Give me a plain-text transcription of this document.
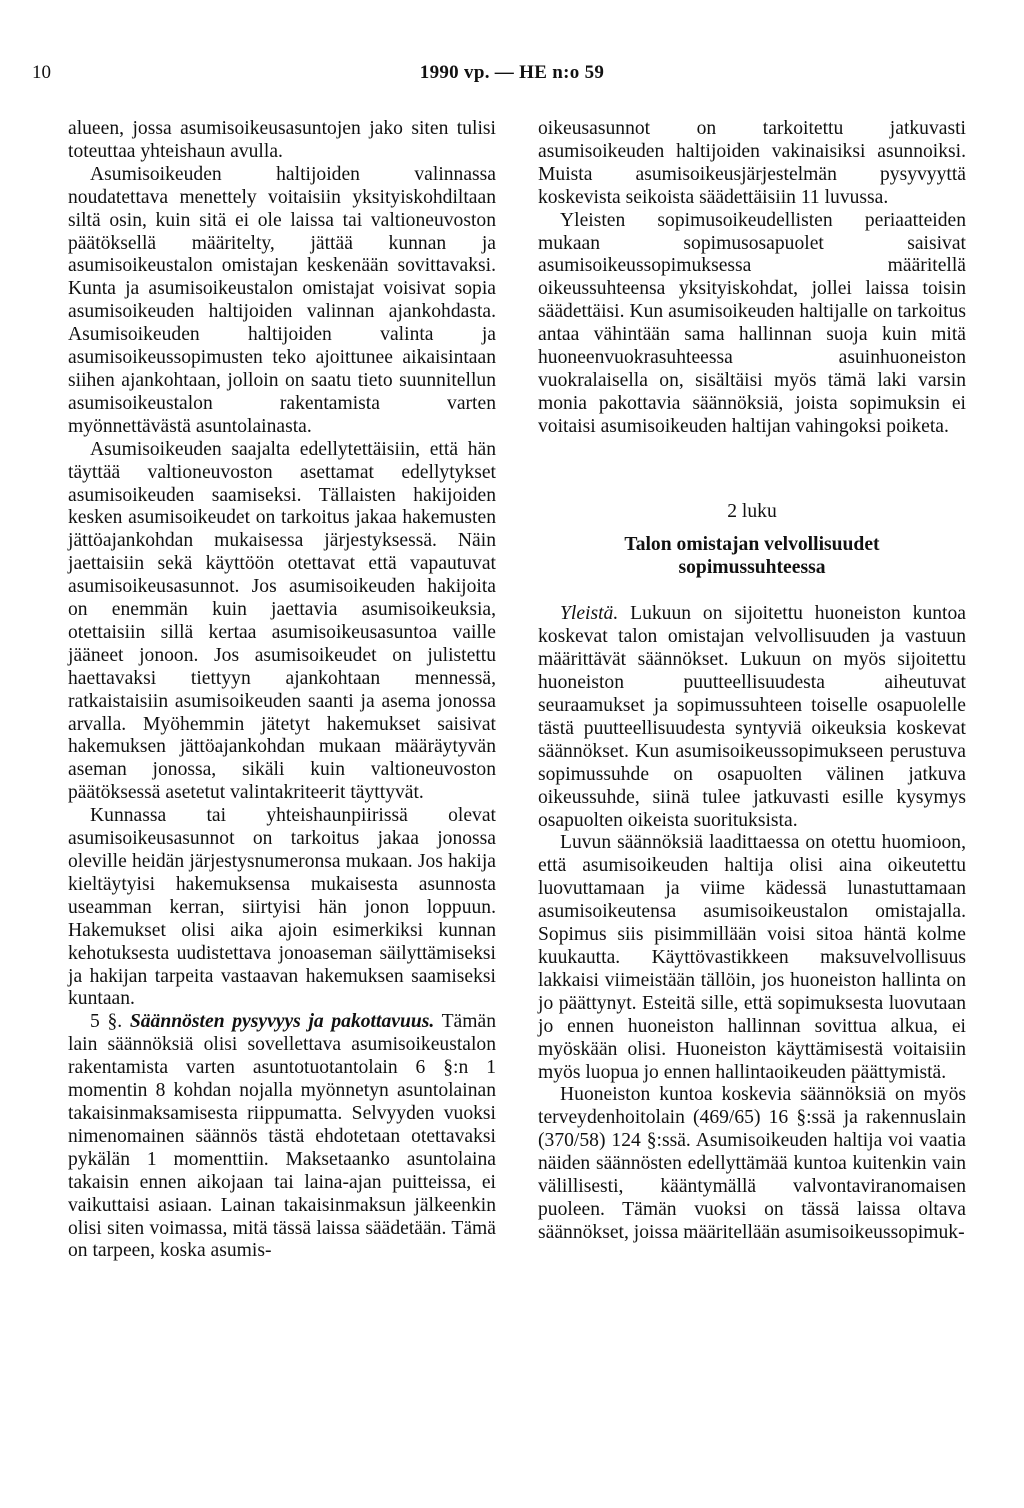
10	1990 vp. — HE n:o 59

alueen, jossa asumisoikeusasuntojen jako siten tulisi toteuttaa yhteishaun avulla.

Asumisoikeuden haltijoiden valinnassa noudatettava menettely voitaisiin yksityiskohdiltaan siltä osin, kuin sitä ei ole laissa tai valtioneuvoston päätöksellä määritelty, jättää kunnan ja asumisoikeustalon omistajan keskenään sovittavaksi. Kunta ja asumisoikeustalon omistajat voisivat sopia asumisoikeuden haltijoiden valinnan ajankohdasta. Asumisoikeuden haltijoiden valinta ja asumisoikeussopimusten teko ajoittunee aikaisintaan siihen ajankohtaan, jolloin on saatu tieto suunnitellun asumisoikeustalon rakentamista varten myönnettävästä asuntolainasta.

Asumisoikeuden saajalta edellytettäisiin, että hän täyttää valtioneuvoston asettamat edellytykset asumisoikeuden saamiseksi. Tällaisten hakijoiden kesken asumisoikeudet on tarkoitus jakaa hakemusten jättöajankohdan mukaisessa järjestyksessä. Näin jaettaisiin sekä käyttöön otettavat että vapautuvat asumisoikeusasunnot. Jos asumisoikeuden hakijoita on enemmän kuin jaettavia asumisoikeuksia, otettaisiin sillä kertaa asumisoikeusasuntoa vaille jääneet jonoon. Jos asumisoikeudet on julistettu haettavaksi tiettyyn ajankohtaan mennessä, ratkaistaisiin asumisoikeuden saanti ja asema jonossa arvalla. Myöhemmin jätetyt hakemukset saisivat hakemuksen jättöajankohdan mukaan määräytyvän aseman jonossa, sikäli kuin valtioneuvoston päätöksessä asetetut valintakriteerit täyttyvät.

Kunnassa tai yhteishaunpiirissä olevat asumisoikeusasunnot on tarkoitus jakaa jonossa oleville heidän järjestysnumeronsa mukaan. Jos hakija kieltäytyisi hakemuksensa mukaisesta asunnosta useamman kerran, siirtyisi hän jonon loppuun. Hakemukset olisi aika ajoin esimerkiksi kunnan kehotuksesta uudistettava jonoaseman säilyttämiseksi ja hakijan tarpeita vastaavan hakemuksen saamiseksi kuntaan.

5 §. Säännösten pysyvyys ja pakottavuus. Tämän lain säännöksiä olisi sovellettava asumisoikeustalon rakentamista varten asuntotuotantolain 6 §:n 1 momentin 8 kohdan nojalla myönnetyn asuntolainan takaisinmaksamisesta riippumatta. Selvyyden vuoksi nimenomainen säännös tästä ehdotetaan otettavaksi pykälän 1 momenttiin. Maksetaanko asuntolaina takaisin ennen aikojaan tai laina-ajan puitteissa, ei vaikuttaisi asiaan. Lainan takaisinmaksun jälkeenkin olisi siten voimassa, mitä tässä laissa säädetään. Tämä on tarpeen, koska asumis-

oikeusasunnot on tarkoitettu jatkuvasti asumisoikeuden haltijoiden vakinaisiksi asunnoiksi. Muista asumisoikeusjärjestelmän pysyvyyttä koskevista seikoista säädettäisiin 11 luvussa.

Yleisten sopimusoikeudellisten periaatteiden mukaan sopimusosapuolet saisivat asumisoikeussopimuksessa määritellä oikeussuhteensa yksityiskohdat, jollei laissa toisin säädettäisi. Kun asumisoikeuden haltijalle on tarkoitus antaa vähintään sama hallinnan suoja kuin mitä huoneenvuokrasuhteessa asuinhuoneiston vuokralaisella on, sisältäisi myös tämä laki varsin monia pakottavia säännöksiä, joista sopimuksin ei voitaisi asumisoikeuden haltijan vahingoksi poiketa.

2 luku
Talon omistajan velvollisuudet sopimussuhteessa

Yleistä. Lukuun on sijoitettu huoneiston kuntoa koskevat talon omistajan velvollisuuden ja vastuun määrittävät säännökset. Lukuun on myös sijoitettu huoneiston puutteellisuudesta aiheutuvat seuraamukset ja sopimussuhteen toiselle osapuolelle tästä puutteellisuudesta syntyviä oikeuksia koskevat säännökset. Kun asumisoikeussopimukseen perustuva sopimussuhde on osapuolten välinen jatkuva oikeussuhde, siinä tulee jatkuvasti esille kysymys osapuolten oikeista suorituksista.

Luvun säännöksiä laadittaessa on otettu huomioon, että asumisoikeuden haltija olisi aina oikeutettu luovuttamaan ja viime kädessä lunastuttamaan asumisoikeutensa asumisoikeustalon omistajalla. Sopimus siis pisimmillään voisi sitoa häntä kolme kuukautta. Käyttövastikkeen maksuvelvollisuus lakkaisi viimeistään tällöin, jos huoneiston hallinta on jo päättynyt. Esteitä sille, että sopimuksesta luovutaan jo ennen huoneiston hallinnan sovittua alkua, ei myöskään olisi. Huoneiston käyttämisestä voitaisiin myös luopua jo ennen hallintaoikeuden päättymistä.

Huoneiston kuntoa koskevia säännöksiä on myös terveydenhoitolain (469/65) 16 §:ssä ja rakennuslain (370/58) 124 §:ssä. Asumisoikeuden haltija voi vaatia näiden säännösten edellyttämää kuntoa kuitenkin vain välillisesti, kääntymällä valvontaviranomaisen puoleen. Tämän vuoksi on tässä laissa oltava säännökset, joissa määritellään asumisoikeussopimuk-
